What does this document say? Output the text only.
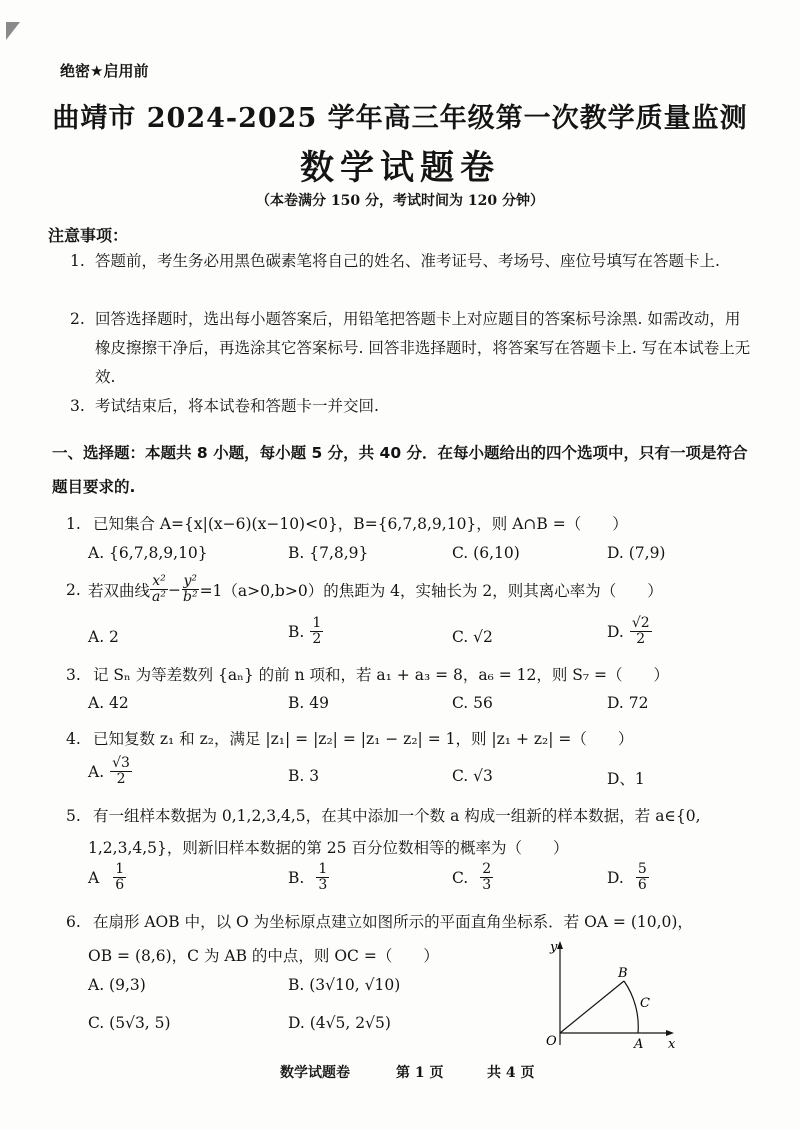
绝密★启用前
曲靖市 2024-2025 学年高三年级第一次教学质量监测
数学试题卷
（本卷满分 150 分，考试时间为 120 分钟）
注意事项：
1. 答题前，考生务必用黑色碳素笔将自己的姓名、准考证号、考场号、座位号填写在答题卡上.
2. 回答选择题时，选出每小题答案后，用铅笔把答题卡上对应题目的答案标号涂黑. 如需改动，用橡皮擦擦干净后，再选涂其它答案标号. 回答非选择题时，将答案写在答题卡上. 写在本试卷上无效.
3. 考试结束后，将本试卷和答题卡一并交回.
一、选择题：本题共 8 小题，每小题 5 分，共 40 分．在每小题给出的四个选项中，只有一项是符合题目要求的.
1. 已知集合 A={x|(x−6)(x−10)<0}，B={6,7,8,9,10}，则 A∩B =（　　）
A. {6,7,8,9,10}	B. {7,8,9}	C. (6,10)	D. (7,9)
2. 若双曲线 $\frac{\text{x²}}{\text{a²}} - \frac{\text{y²}}{\text{b²}} =1(a>0,b>0)$的焦距为 4，实轴长为 2，则其离心率为（　　）
A. 2	B. $\frac{1}{2}$	C. √2	D. $\frac{√2}{2}$
3. 记 Sₙ 为等差数列 {aₙ} 的前 n 项和，若 a₁ + a₃ = 8，a₆ = 12，则 S₇ =（　　）
A. 42	B. 49	C. 56	D. 72
4. 已知复数 z₁ 和 z₂，满足 |z₁| = |z₂| = |z₁ − z₂| = 1，则 |z₁ + z₂| =（　　）
A. $\frac{√3}{2}$	B. 3	C. √3	D、1
5. 有一组样本数据为 0,1,2,3,4,5，在其中添加一个数 a 构成一组新的样本数据，若 a∈{0,
1,2,3,4,5}，则新旧样本数据的第 25 百分位数相等的概率为（　　）
A $\frac{1}{6}$	B. $\frac{1}{3}$	C. $\frac{2}{3}$	D. $\frac{5}{6}$
6. 在扇形 AOB 中，以 O 为坐标原点建立如图所示的平面直角坐标系．若 OA = (10,0)，
OB = (8,6)，C 为 AB 的中点，则 OC =（　　）
A. (9,3)	B. (3√10, √10)
C. (5√3, 5)	D. (4√5, 2√5)
y
x
O	A
B
C
数学试题卷	第 1 页	共 4 页
